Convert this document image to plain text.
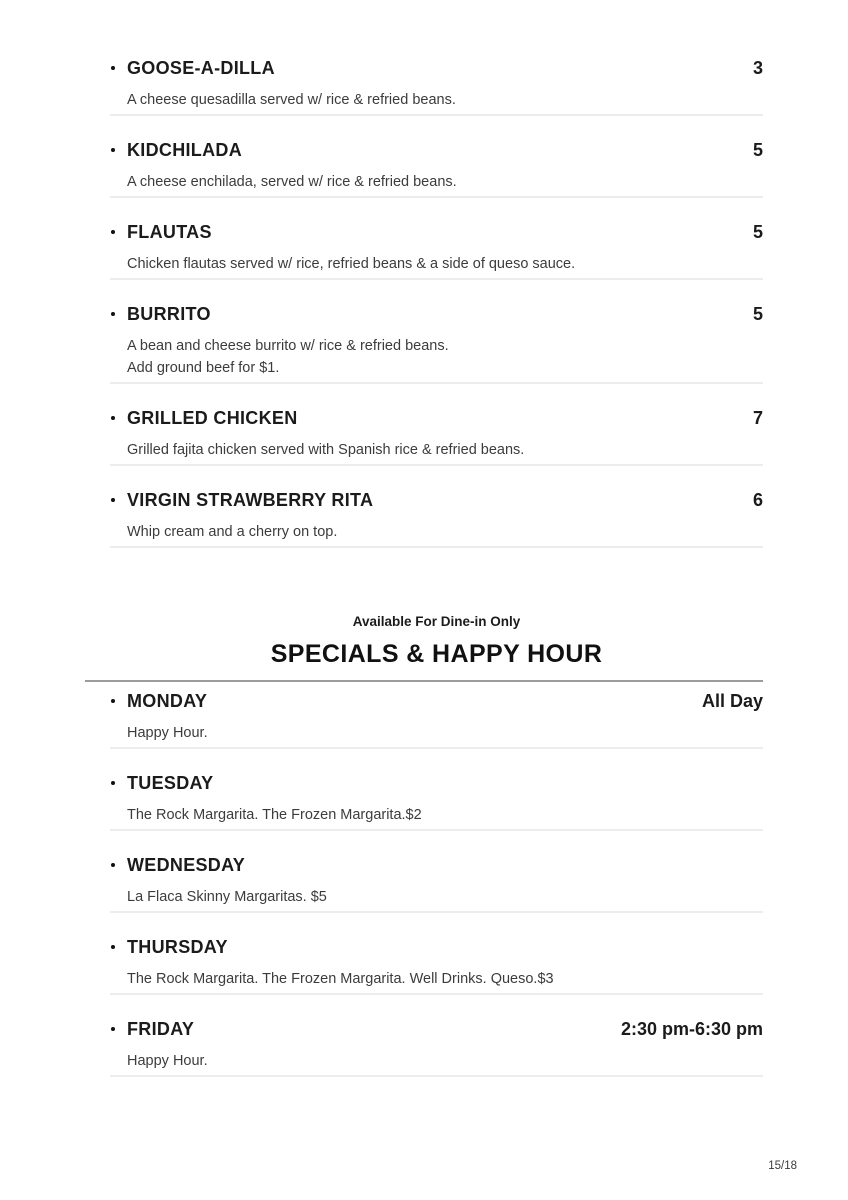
GOOSE-A-DILLA	3
A cheese quesadilla served w/ rice & refried beans.
KIDCHILADA	5
A cheese enchilada, served w/ rice & refried beans.
FLAUTAS	5
Chicken flautas served w/ rice, refried beans & a side of queso sauce.
BURRITO	5
A bean and cheese burrito w/ rice & refried beans.
Add ground beef for $1.
GRILLED CHICKEN	7
Grilled fajita chicken served with Spanish rice & refried beans.
VIRGIN STRAWBERRY RITA	6
Whip cream and a cherry on top.
Available For Dine-in Only
SPECIALS & HAPPY HOUR
MONDAY	All Day
Happy Hour.
TUESDAY
The Rock Margarita. The Frozen Margarita.$2
WEDNESDAY
La Flaca Skinny Margaritas. $5
THURSDAY
The Rock Margarita. The Frozen Margarita. Well Drinks. Queso.$3
FRIDAY	2:30 pm-6:30 pm
Happy Hour.
15/18
